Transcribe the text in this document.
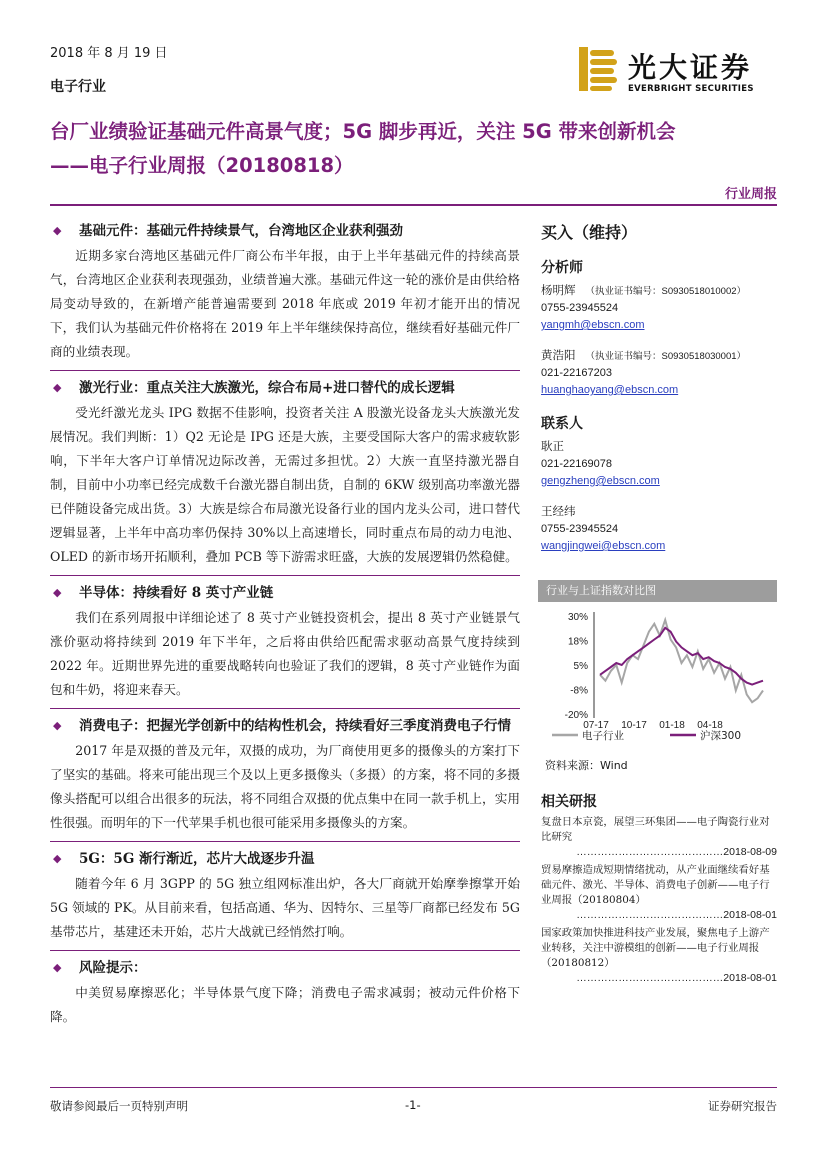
2018 年 8 月 19 日
电子行业
光大证券
EVERBRIGHT SECURITIES
台厂业绩验证基础元件高景气度；5G 脚步再近，关注 5G 带来创新机会
——电子行业周报（20180818）
行业周报
◆	基础元件：基础元件持续景气，台湾地区企业获利强劲
近期多家台湾地区基础元件厂商公布半年报，由于上半年基础元件的持续高景气，台湾地区企业获利表现强劲，业绩普遍大涨。基础元件这一轮的涨价是由供给格局变动导致的，在新增产能普遍需要到 2018 年底或 2019 年初才能开出的情况下，我们认为基础元件价格将在 2019 年上半年继续保持高位，继续看好基础元件厂商的业绩表现。
◆	激光行业：重点关注大族激光，综合布局+进口替代的成长逻辑
受光纤激光龙头 IPG 数据不佳影响，投资者关注 A 股激光设备龙头大族激光发展情况。我们判断：1）Q2 无论是 IPG 还是大族，主要受国际大客户的需求疲软影响，下半年大客户订单情况边际改善，无需过多担忧。2）大族一直坚持激光器自制，目前中小功率已经完成数千台激光器自制出货，自制的 6KW 级别高功率激光器已伴随设备完成出货。3）大族是综合布局激光设备行业的国内龙头公司，进口替代逻辑显著，上半年中高功率仍保持 30%以上高速增长，同时重点布局的动力电池、OLED 的新市场开拓顺利，叠加 PCB 等下游需求旺盛，大族的发展逻辑仍然稳健。
◆	半导体：持续看好 8 英寸产业链
我们在系列周报中详细论述了 8 英寸产业链投资机会，提出 8 英寸产业链景气涨价驱动将持续到 2019 年下半年，之后将由供给匹配需求驱动高景气度持续到 2022 年。近期世界先进的重要战略转向也验证了我们的逻辑，8 英寸产业链作为面包和牛奶，将迎来春天。
◆	消费电子：把握光学创新中的结构性机会，持续看好三季度消费电子行情
2017 年是双摄的普及元年，双摄的成功，为厂商使用更多的摄像头的方案打下了坚实的基础。将来可能出现三个及以上更多摄像头（多摄）的方案，将不同的多摄像头搭配可以组合出很多的玩法，将不同组合双摄的优点集中在同一款手机上，实用性很强。而明年的下一代苹果手机也很可能采用多摄像头的方案。
◆	5G：5G 渐行渐近，芯片大战逐步升温
随着今年 6 月 3GPP 的 5G 独立组网标准出炉，各大厂商就开始摩拳擦掌开始 5G 领域的 PK。从目前来看，包括高通、华为、因特尔、三星等厂商都已经发布 5G 基带芯片，基建还未开始，芯片大战就已经悄然打响。
◆	风险提示：
中美贸易摩擦恶化；半导体景气度下降；消费电子需求减弱；被动元件价格下降。
买入（维持）
分析师
杨明辉 （执业证书编号：S0930518010002）
0755-23945524
yangmh@ebscn.com
黄浩阳 （执业证书编号：S0930518030001）
021-22167203
huanghaoyang@ebscn.com
联系人
耿正
021-22169078
gengzheng@ebscn.com
王经纬
0755-23945524
wangjingwei@ebscn.com
行业与上证指数对比图
30%
18%
5%
-8%
-20%
07-17 10-17 01-18 04-18
电子行业	沪深300
资料来源：Wind
相关研报
复盘日本京瓷，展望三环集团——电子陶瓷行业对比研究
……………………………………2018-08-09
贸易摩擦造成短期情绪扰动，从产业面继续看好基础元件、激光、半导体、消费电子创新——电子行业周报（20180804）
……………………………………2018-08-01
国家政策加快推进科技产业发展，聚焦电子上游产业转移，关注中游模组的创新——电子行业周报（20180812）
……………………………………2018-08-01
敬请参阅最后一页特别声明	-1-	证券研究报告
